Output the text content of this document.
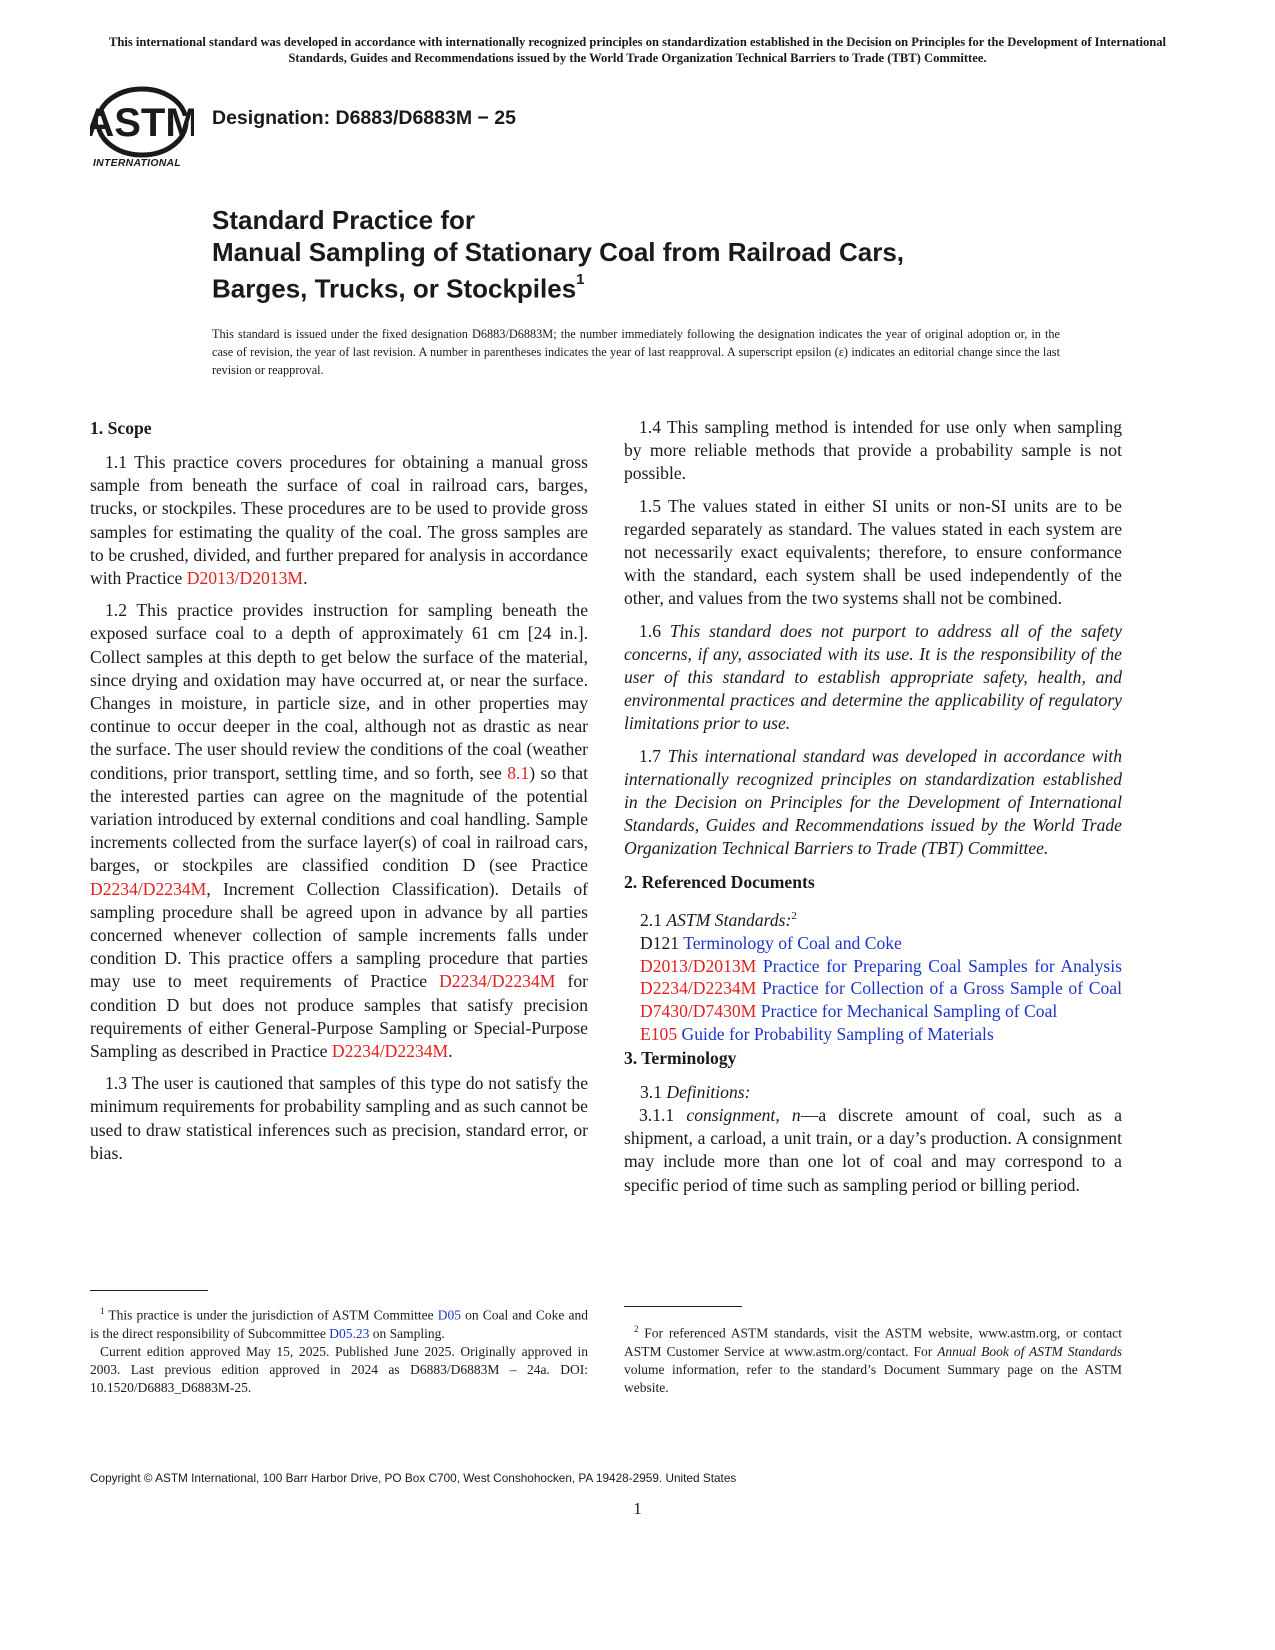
This international standard was developed in accordance with internationally recognized principles on standardization established in the Decision on Principles for the Development of International Standards, Guides and Recommendations issued by the World Trade Organization Technical Barriers to Trade (TBT) Committee.
ASTM
INTERNATIONAL
Designation: D6883/D6883M − 25
Standard Practice for
Manual Sampling of Stationary Coal from Railroad Cars,
Barges, Trucks, or Stockpiles$^1$
This standard is issued under the fixed designation D6883/D6883M; the number immediately following the designation indicates the year of original adoption or, in the case of revision, the year of last revision. A number in parentheses indicates the year of last reapproval. A superscript epsilon (ε) indicates an editorial change since the last revision or reapproval.
1. Scope

1.1 This practice covers procedures for obtaining a manual gross sample from beneath the surface of coal in railroad cars, barges, trucks, or stockpiles. These procedures are to be used to provide gross samples for estimating the quality of the coal. The gross samples are to be crushed, divided, and further prepared for analysis in accordance with Practice D2013/D2013M.

1.2 This practice provides instruction for sampling beneath the exposed surface coal to a depth of approximately 61 cm [24 in.]. Collect samples at this depth to get below the surface of the material, since drying and oxidation may have occurred at, or near the surface. Changes in moisture, in particle size, and in other properties may continue to occur deeper in the coal, although not as drastic as near the surface. The user should review the conditions of the coal (weather conditions, prior transport, settling time, and so forth, see 8.1) so that the interested parties can agree on the magnitude of the potential variation introduced by external conditions and coal handling. Sample increments collected from the surface layer(s) of coal in railroad cars, barges, or stockpiles are classified condition D (see Practice D2234/D2234M, Increment Collection Classification). Details of sampling procedure shall be agreed upon in advance by all parties concerned whenever collection of sample increments falls under condition D. This practice offers a sampling procedure that parties may use to meet requirements of Practice D2234/D2234M for condition D but does not produce samples that satisfy precision requirements of either General-Purpose Sampling or Special-Purpose Sampling as described in Practice D2234/D2234M.

1.3 The user is cautioned that samples of this type do not satisfy the minimum requirements for probability sampling and as such cannot be used to draw statistical inferences such as precision, standard error, or bias.

1.4 This sampling method is intended for use only when sampling by more reliable methods that provide a probability sample is not possible.

1.5 The values stated in either SI units or non-SI units are to be regarded separately as standard. The values stated in each system are not necessarily exact equivalents; therefore, to ensure conformance with the standard, each system shall be used independently of the other, and values from the two systems shall not be combined.

1.6 This standard does not purport to address all of the safety concerns, if any, associated with its use. It is the responsibility of the user of this standard to establish appropriate safety, health, and environmental practices and determine the applicability of regulatory limitations prior to use.

1.7 This international standard was developed in accordance with internationally recognized principles on standardization established in the Decision on Principles for the Development of International Standards, Guides and Recommendations issued by the World Trade Organization Technical Barriers to Trade (TBT) Committee.

2. Referenced Documents

2.1 ASTM Standards:$^2$

D121 Terminology of Coal and Coke
D2013/D2013M Practice for Preparing Coal Samples for Analysis
D2234/D2234M Practice for Collection of a Gross Sample of Coal
D7430/D7430M Practice for Mechanical Sampling of Coal
E105 Guide for Probability Sampling of Materials
3. Terminology

3.1 Definitions:

3.1.1 consignment, n—a discrete amount of coal, such as a shipment, a carload, a unit train, or a day’s production. A consignment may include more than one lot of coal and may correspond to a specific period of time such as sampling period or billing period.

$^1$ This practice is under the jurisdiction of ASTM Committee D05 on Coal and Coke and is the direct responsibility of Subcommittee D05.23 on Sampling.

Current edition approved May 15, 2025. Published June 2025. Originally approved in 2003. Last previous edition approved in 2024 as D6883/D6883M – 24a. DOI: 10.1520/D6883_D6883M-25.

$^2$ For referenced ASTM standards, visit the ASTM website, www.astm.org, or contact ASTM Customer Service at www.astm.org/contact. For Annual Book of ASTM Standards volume information, refer to the standard’s Document Summary page on the ASTM website.

Copyright © ASTM International, 100 Barr Harbor Drive, PO Box C700, West Conshohocken, PA 19428-2959. United States
1
